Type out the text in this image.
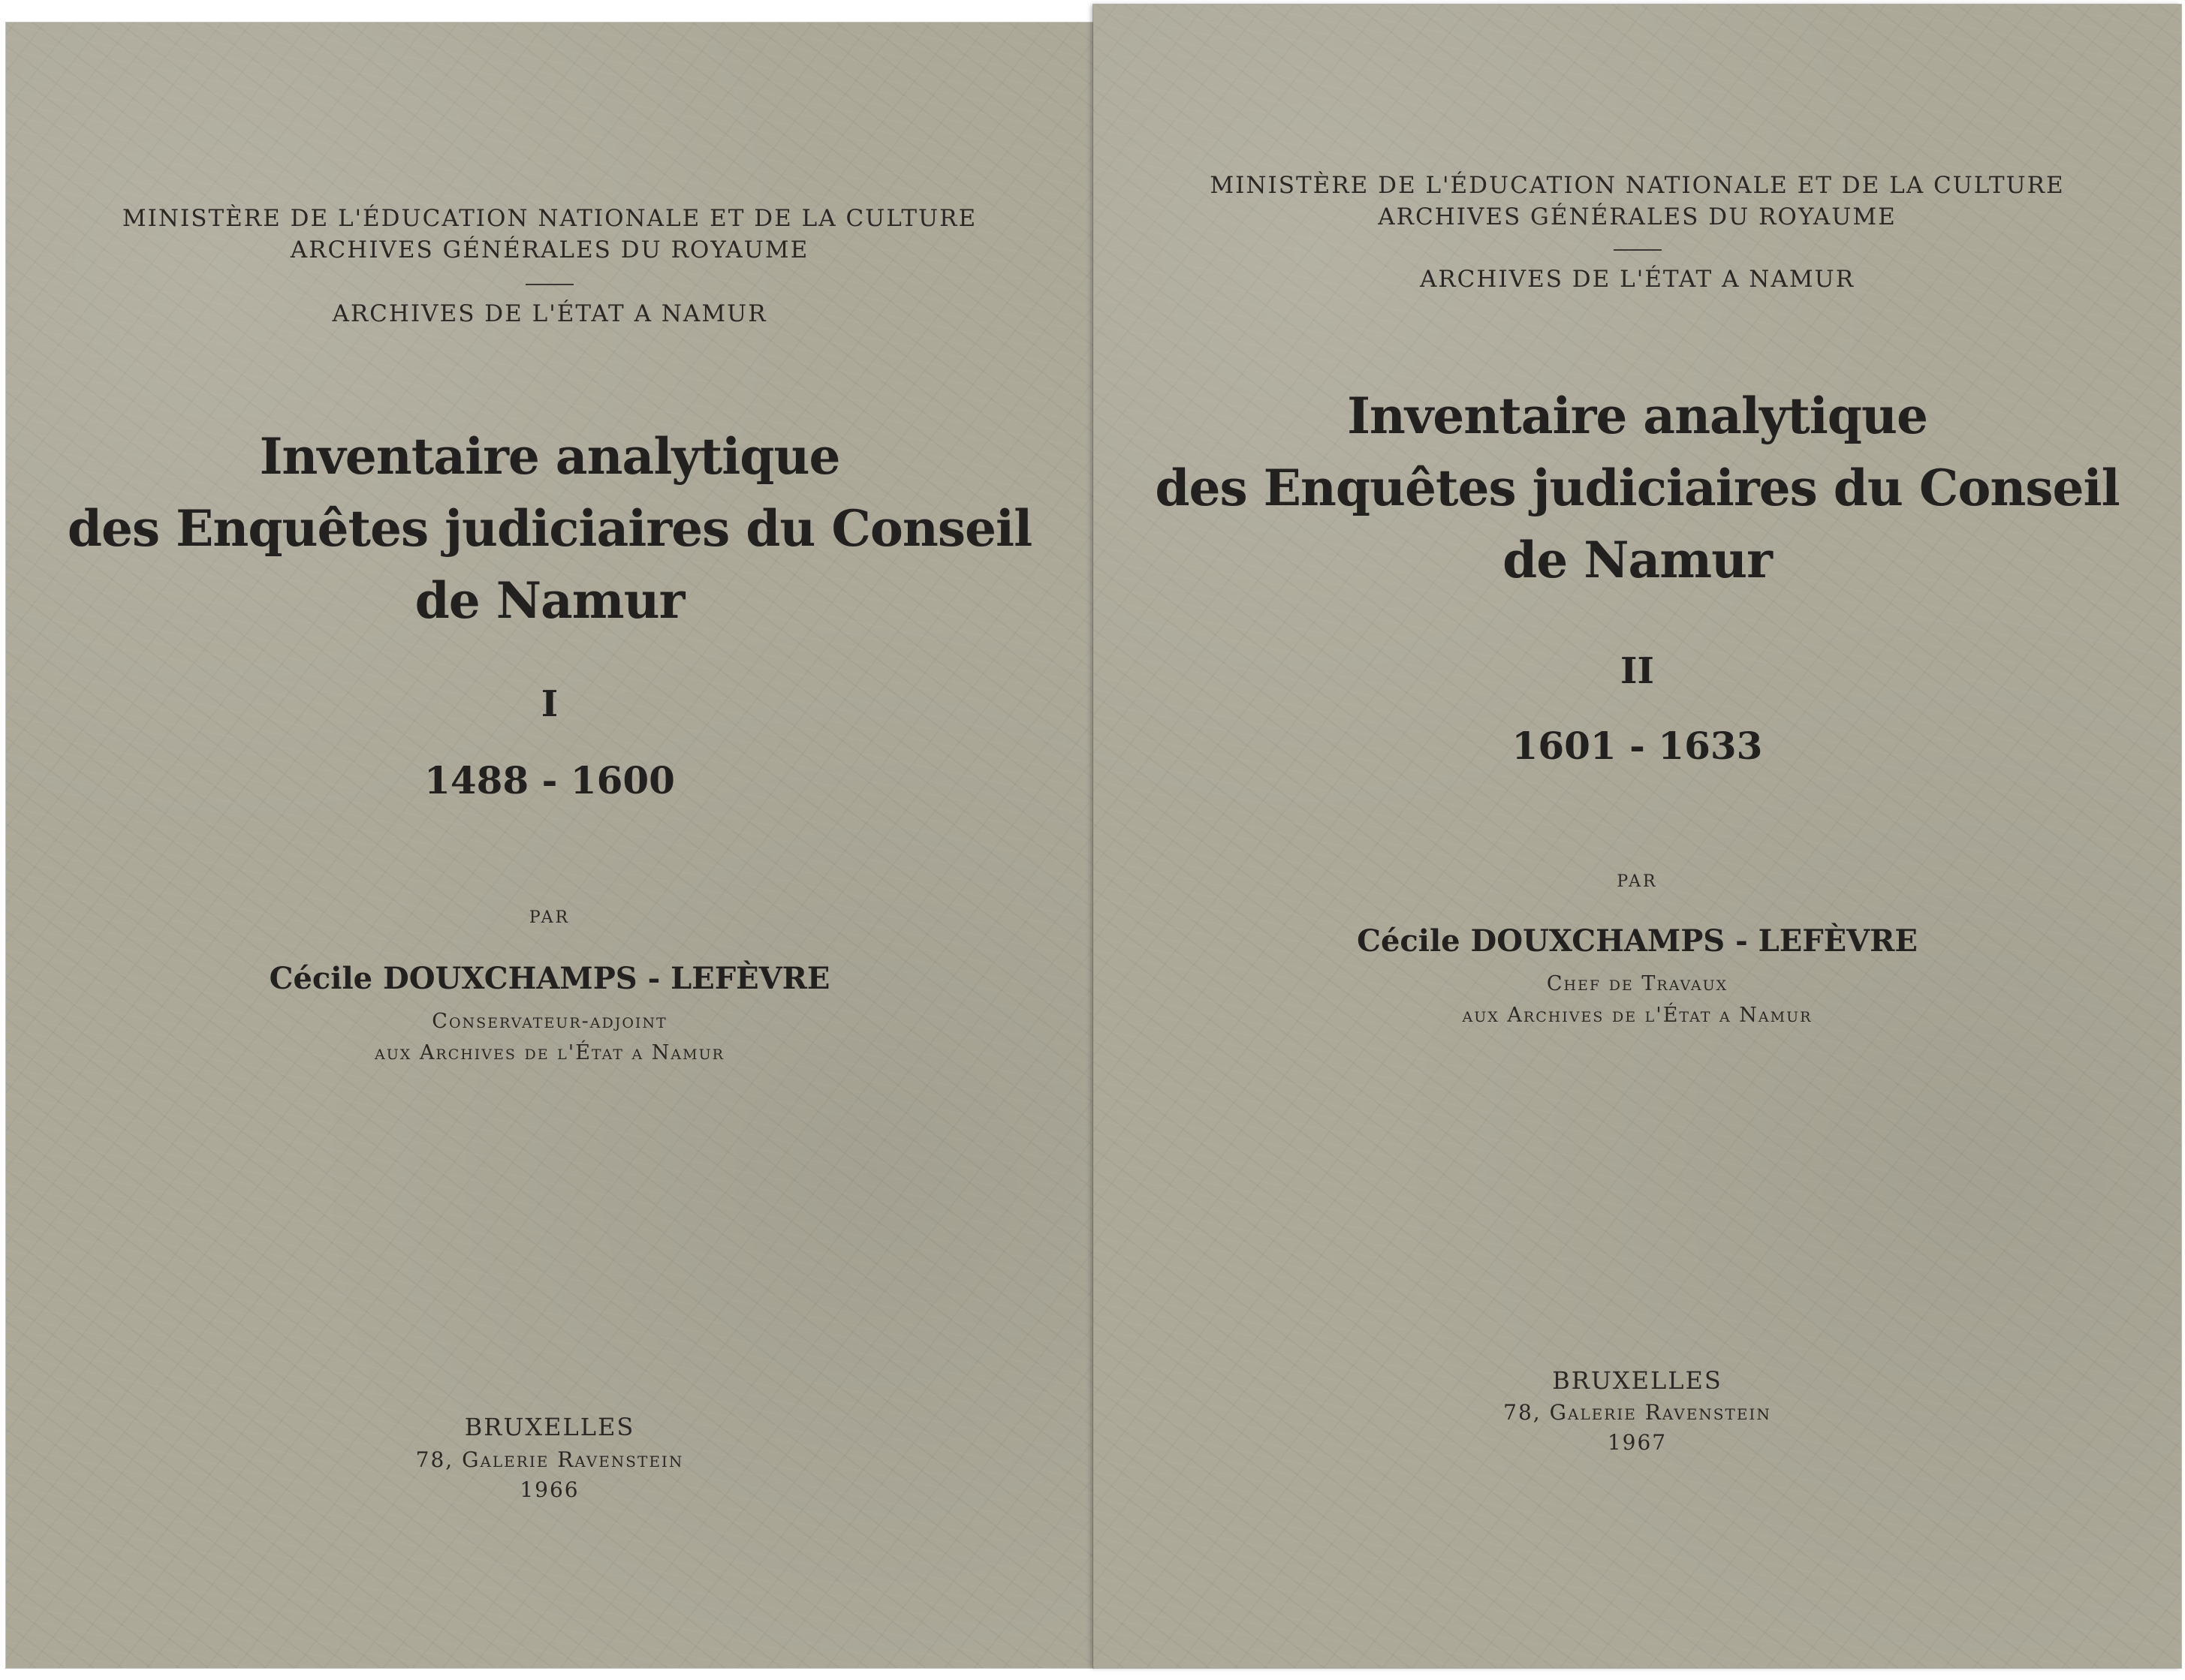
MINISTÈRE DE L'ÉDUCATION NATIONALE ET DE LA CULTURE
ARCHIVES GÉNÉRALES DU ROYAUME
ARCHIVES DE L'ÉTAT A NAMUR
Inventaire analytique
des Enquêtes judiciaires du Conseil
de Namur
I
1488 - 1600
PAR
Cécile DOUXCHAMPS - LEFÈVRE
Conservateur-adjoint
aux Archives de l'État a Namur
BRUXELLES
78, Galerie Ravenstein
1966
MINISTÈRE DE L'ÉDUCATION NATIONALE ET DE LA CULTURE
ARCHIVES GÉNÉRALES DU ROYAUME
ARCHIVES DE L'ÉTAT A NAMUR
Inventaire analytique
des Enquêtes judiciaires du Conseil
de Namur
II
1601 - 1633
PAR
Cécile DOUXCHAMPS - LEFÈVRE
Chef de Travaux
aux Archives de l'État a Namur
BRUXELLES
78, Galerie Ravenstein
1967
